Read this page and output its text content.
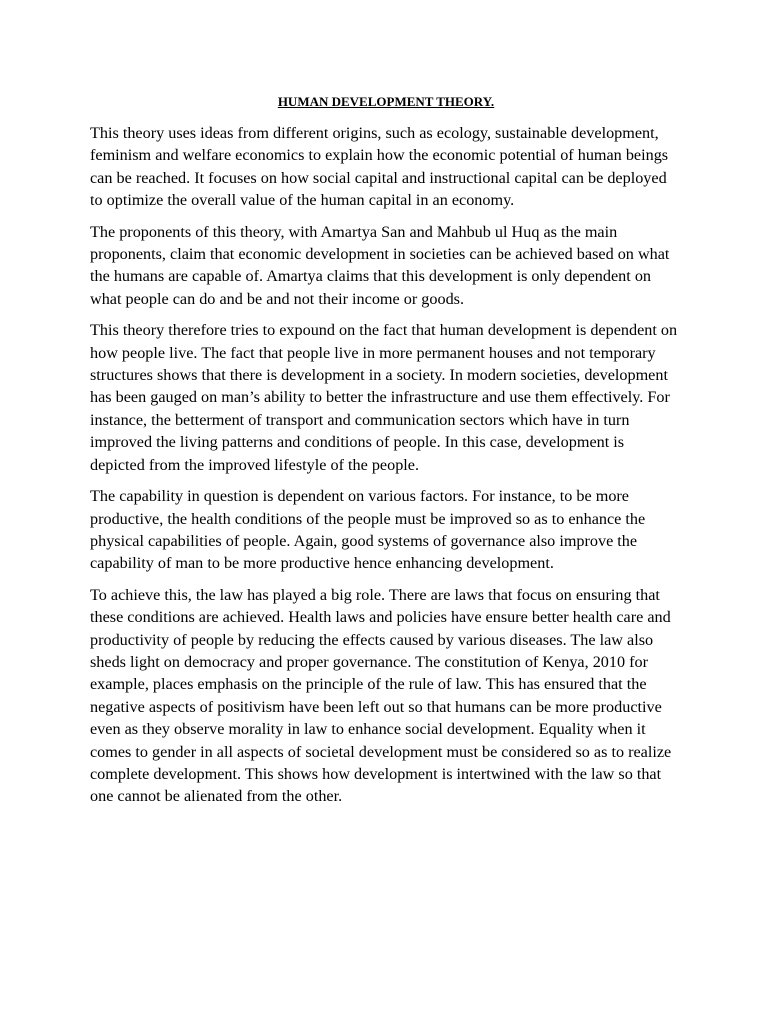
HUMAN DEVELOPMENT THEORY.

This theory uses ideas from different origins, such as ecology, sustainable development, feminism and welfare economics to explain how the economic potential of human beings can be reached. It focuses on how social capital and instructional capital can be deployed to optimize the overall value of the human capital in an economy.

The proponents of this theory, with Amartya San and Mahbub ul Huq as the main proponents, claim that economic development in societies can be achieved based on what the humans are capable of. Amartya claims that this development is only dependent on what people can do and be and not their income or goods.

This theory therefore tries to expound on the fact that human development is dependent on how people live. The fact that people live in more permanent houses and not temporary structures shows that there is development in a society. In modern societies, development has been gauged on man’s ability to better the infrastructure and use them effectively. For instance, the betterment of transport and communication sectors which have in turn improved the living patterns and conditions of people. In this case, development is depicted from the improved lifestyle of the people.

The capability in question is dependent on various factors. For instance, to be more productive, the health conditions of the people must be improved so as to enhance the physical capabilities of people. Again, good systems of governance also improve the capability of man to be more productive hence enhancing development.

To achieve this, the law has played a big role. There are laws that focus on ensuring that these conditions are achieved. Health laws and policies have ensure better health care and productivity of people by reducing the effects caused by various diseases. The law also sheds light on democracy and proper governance. The constitution of Kenya, 2010 for example, places emphasis on the principle of the rule of law. This has ensured that the negative aspects of positivism have been left out so that humans can be more productive even as they observe morality in law to enhance social development. Equality when it comes to gender in all aspects of societal development must be considered so as to realize complete development. This shows how development is intertwined with the law so that one cannot be alienated from the other.
